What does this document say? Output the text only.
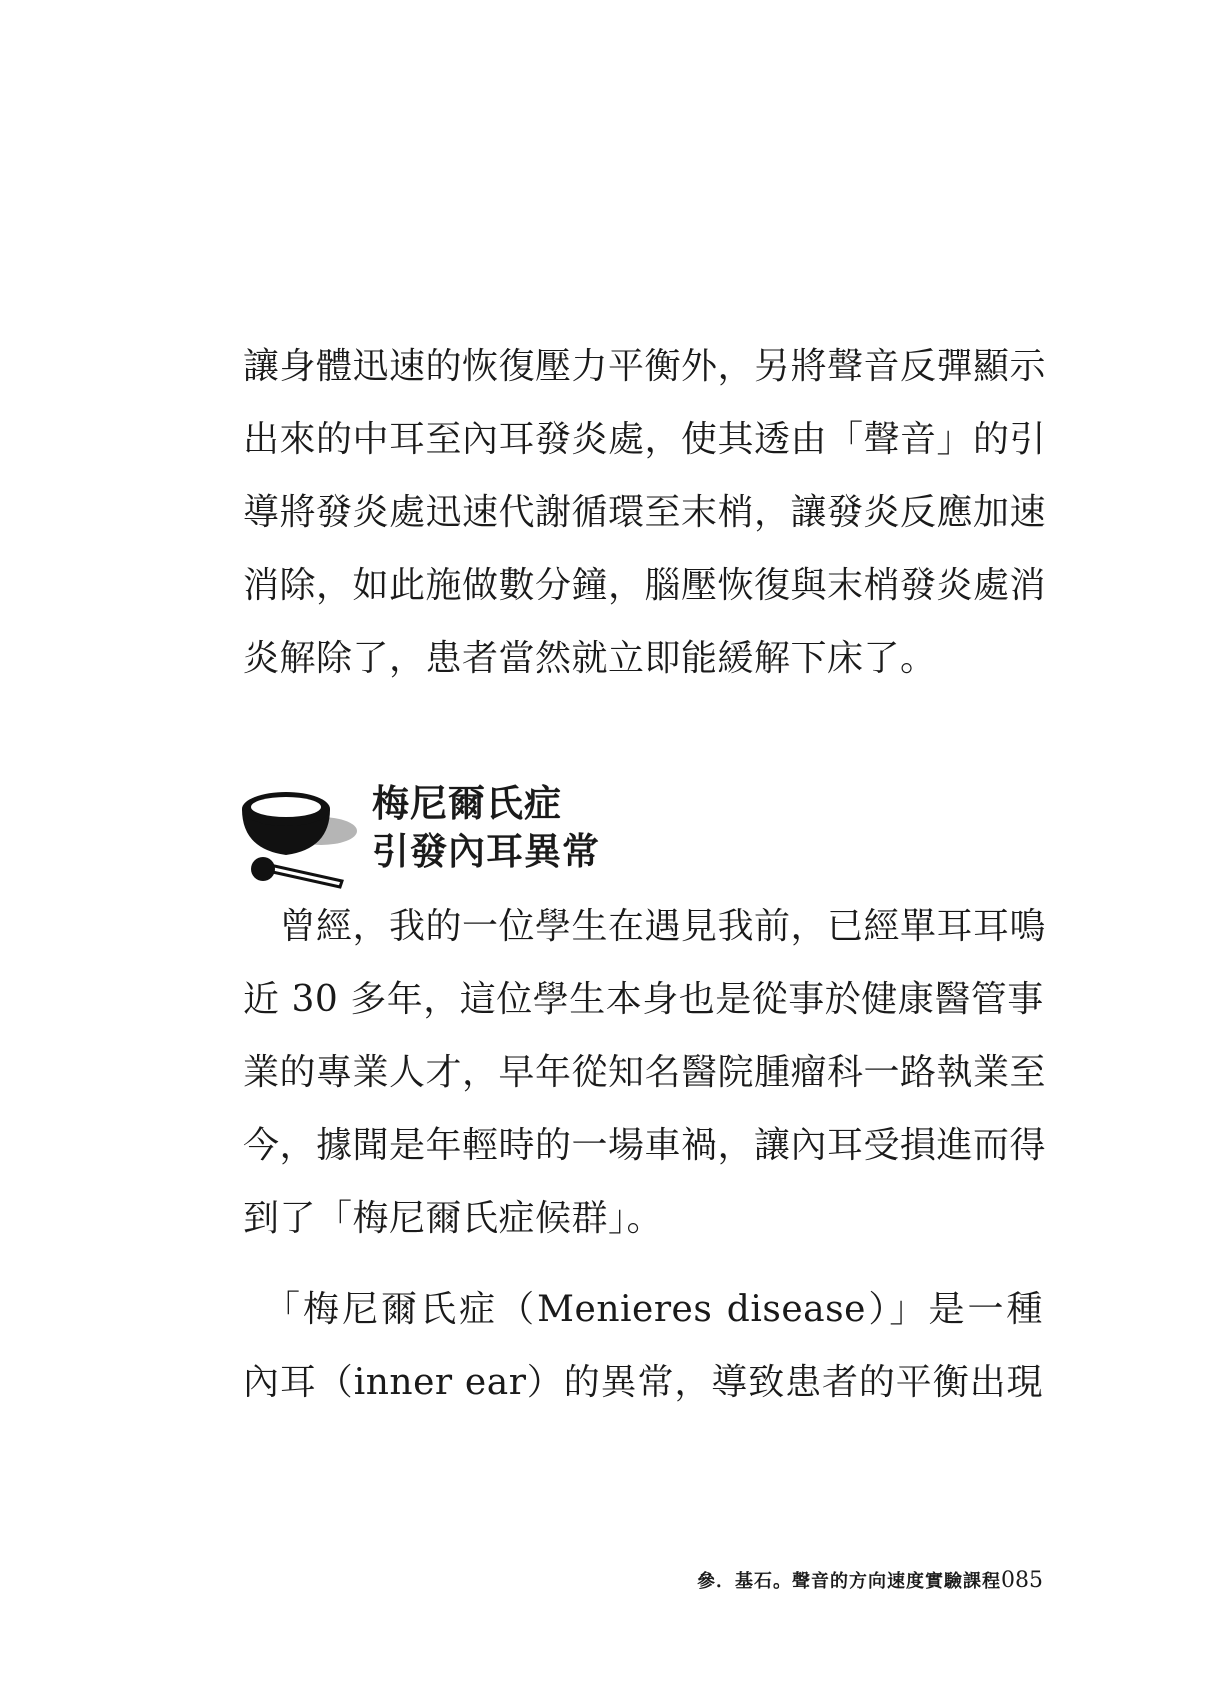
讓身體迅速的恢復壓力平衡外，另將聲音反彈顯示

出來的中耳至內耳發炎處，使其透由「聲音」的引

導將發炎處迅速代謝循環至末梢，讓發炎反應加速

消除，如此施做數分鐘，腦壓恢復與末梢發炎處消

炎解除了，患者當然就立即能緩解下床了。

梅尼爾氏症
引發內耳異常

　曾經，我的一位學生在遇見我前，已經單耳耳鳴

近 30 多年，這位學生本身也是從事於健康醫管事

業的專業人才，早年從知名醫院腫瘤科一路執業至

今，據聞是年輕時的一場車禍，讓內耳受損進而得

到了「梅尼爾氏症候群」。

　「梅尼爾氏症（Menieres disease）」是一種

內耳（inner ear）的異常，導致患者的平衡出現

參．基石。聲音的方向速度實驗課程085
